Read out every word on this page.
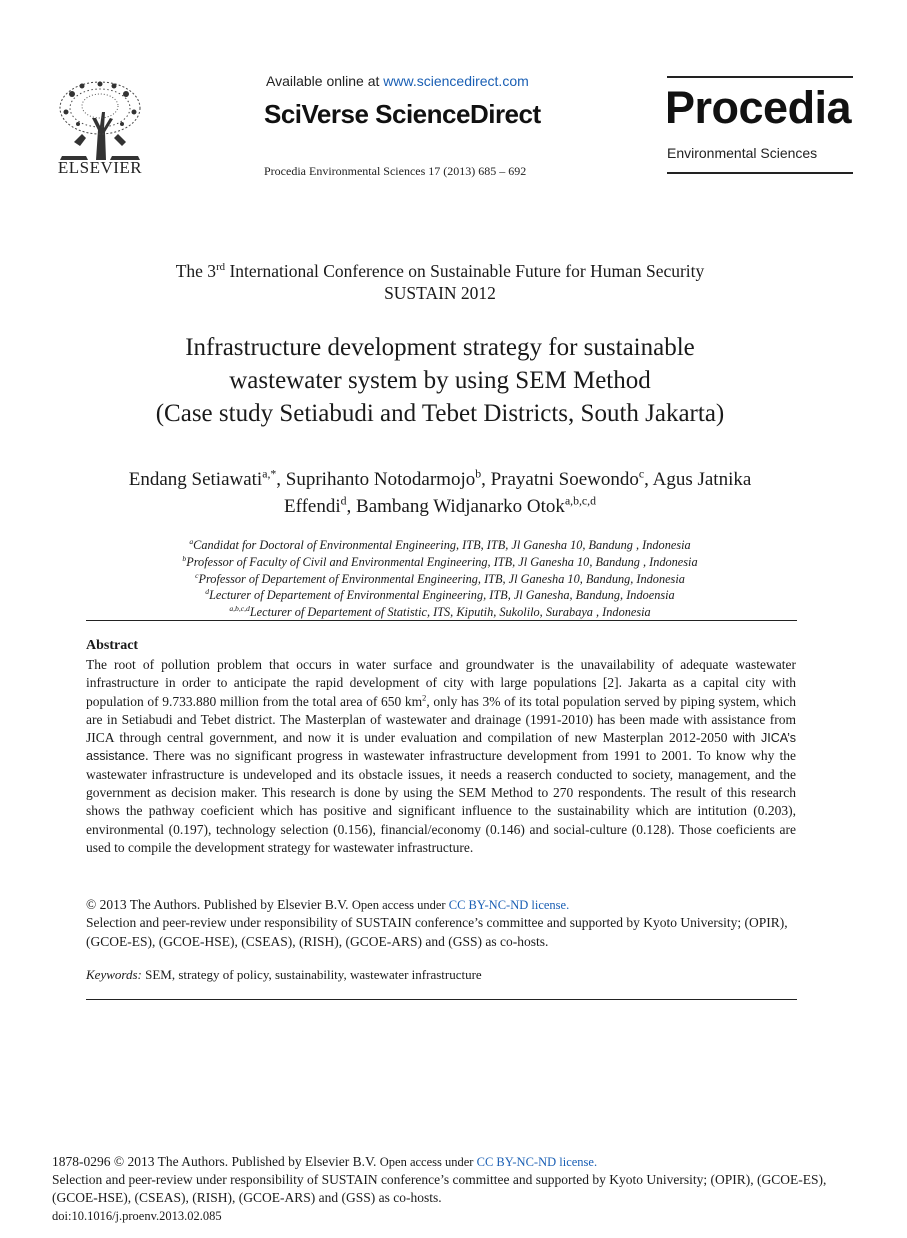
ELSEVIER
Available online at www.sciencedirect.com
SciVerse ScienceDirect
Procedia Environmental Sciences 17 (2013) 685 – 692
Procedia
Environmental Sciences
The 3rd International Conference on Sustainable Future for Human Security
SUSTAIN 2012
Infrastructure development strategy for sustainable
wastewater system by using SEM Method
(Case study Setiabudi and Tebet Districts, South Jakarta)
Endang Setiawati$^{a,*}$, Suprihanto Notodarmojo$^b$, Prayatni Soewondo$^c$, Agus Jatnika Effendi$^d$, Bambang Widjanarko Otok$^{a,b,c,d}$
$^a$Candidat for Doctoral of Environmental Engineering, ITB, ITB, Jl Ganesha 10, Bandung , Indonesia
$^b$Professor of Faculty of Civil and Environmental Engineering, ITB, Jl Ganesha 10, Bandung , Indonesia
$^c$Professor of Departement of Environmental Engineering, ITB, Jl Ganesha 10, Bandung, Indonesia
$^d$Lecturer of Departement of Environmental Engineering, ITB, Jl Ganesha, Bandung, Indoensia
$^{a,b,c,d}$Lecturer of Departement of Statistic, ITS, Kiputih, Sukolilo, Surabaya , Indonesia
Abstract
The root of pollution problem that occurs in water surface and groundwater is the unavailability of adequate wastewater infrastructure in order to anticipate the rapid development of city with large populations [2]. Jakarta as a capital city with population of 9.733.880 million from the total area of 650 $km^2$, only has 3% of its total population served by piping system, which are in Setiabudi and Tebet district. The Masterplan of wastewater and drainage (1991-2010) has been made with assistance from JICA through central government, and now it is under evaluation and compilation of new Masterplan 2012-2050 with JICA’s assistance. There was no significant progress in wastewater infrastructure development from 1991 to 2001. To know why the wastewater infrastructure is undeveloped and its obstacle issues, it needs a reaserch conducted to society, management, and the government as decision maker. This research is done by using the SEM Method to 270 respondents. The result of this research shows the pathway coeficient which has positive and significant influence to the sustainability which are intitution (0.203), environmental (0.197), technology selection (0.156), financial/economy (0.146) and social-culture (0.128). Those coeficients are used to compile the development strategy for wastewater infrastructure.
© 2013 The Authors. Published by Elsevier B.V. Open access under CC BY-NC-ND license.
Selection and peer-review under responsibility of SUSTAIN conference’s committee and supported by Kyoto University; (OPIR), (GCOE-ES), (GCOE-HSE), (CSEAS), (RISH), (GCOE-ARS) and (GSS) as co-hosts.
Keywords: SEM, strategy of policy, sustainability, wastewater infrastructure
1878-0296 © 2013 The Authors. Published by Elsevier B.V. Open access under CC BY-NC-ND license.
Selection and peer-review under responsibility of SUSTAIN conference’s committee and supported by Kyoto University; (OPIR), (GCOE-ES), (GCOE-HSE), (CSEAS), (RISH), (GCOE-ARS) and (GSS) as co-hosts.
doi:10.1016/j.proenv.2013.02.085
